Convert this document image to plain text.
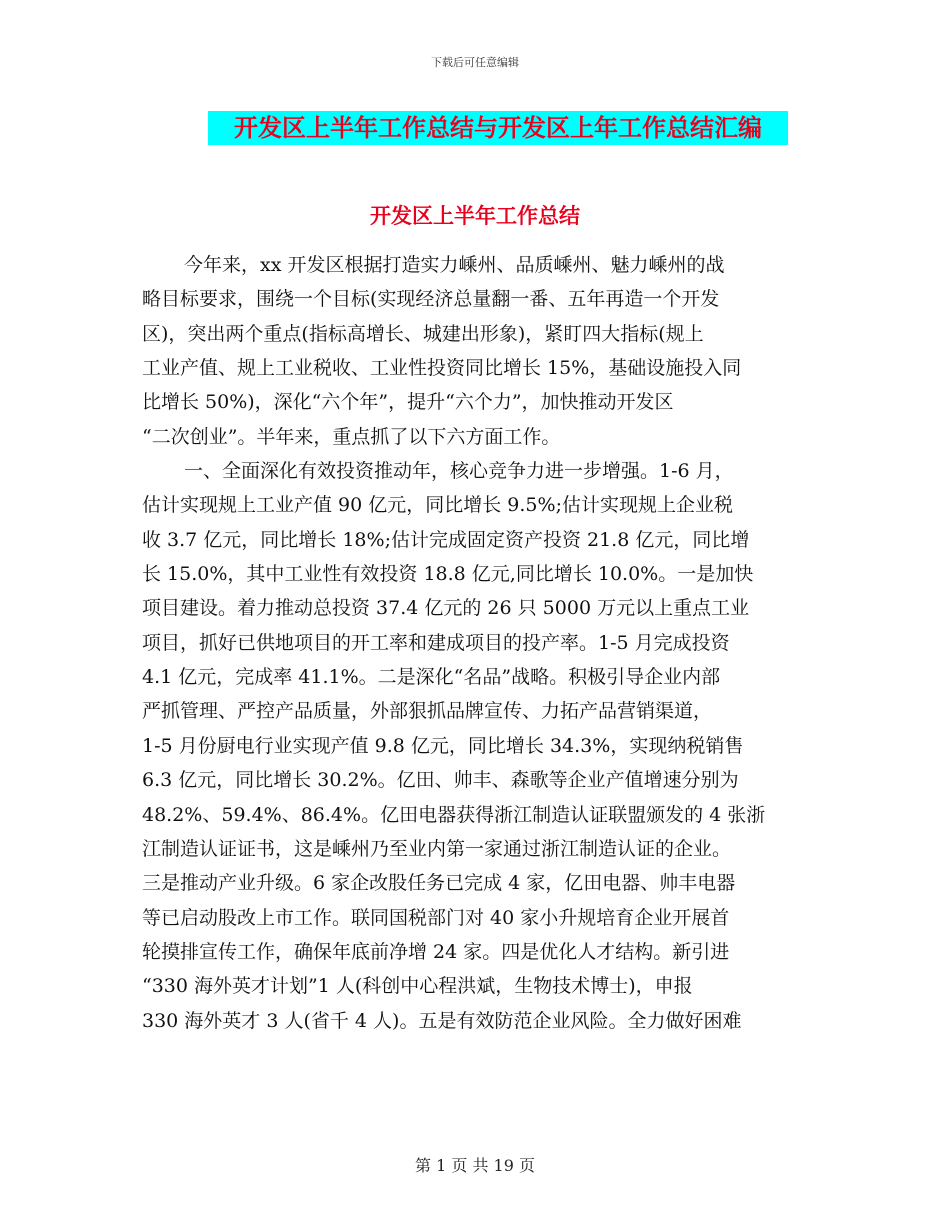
下载后可任意编辑
开发区上半年工作总结与开发区上年工作总结汇编
开发区上半年工作总结
今年来，xx 开发区根据打造实力嵊州、品质嵊州、魅力嵊州的战
略目标要求，围绕一个目标(实现经济总量翻一番、五年再造一个开发
区)，突出两个重点(指标高增长、城建出形象)，紧盯四大指标(规上
工业产值、规上工业税收、工业性投资同比增长 15%，基础设施投入同
比增长 50%)，深化“六个年”，提升“六个力”，加快推动开发区
“二次创业”。半年来，重点抓了以下六方面工作。
一、全面深化有效投资推动年，核心竞争力进一步增强。1-6 月，
估计实现规上工业产值 90 亿元，同比增长 9.5%;估计实现规上企业税
收 3.7 亿元，同比增长 18%;估计完成固定资产投资 21.8 亿元，同比增
长 15.0%，其中工业性有效投资 18.8 亿元,同比增长 10.0%。一是加快
项目建设。着力推动总投资 37.4 亿元的 26 只 5000 万元以上重点工业
项目，抓好已供地项目的开工率和建成项目的投产率。1-5 月完成投资
4.1 亿元，完成率 41.1%。二是深化“名品”战略。积极引导企业内部
严抓管理、严控产品质量，外部狠抓品牌宣传、力拓产品营销渠道，
1-5 月份厨电行业实现产值 9.8 亿元，同比增长 34.3%，实现纳税销售
6.3 亿元，同比增长 30.2%。亿田、帅丰、森歌等企业产值增速分别为
48.2%、59.4%、86.4%。亿田电器获得浙江制造认证联盟颁发的 4 张浙
江制造认证证书，这是嵊州乃至业内第一家通过浙江制造认证的企业。
三是推动产业升级。6 家企改股任务已完成 4 家，亿田电器、帅丰电器
等已启动股改上市工作。联同国税部门对 40 家小升规培育企业开展首
轮摸排宣传工作，确保年底前净增 24 家。四是优化人才结构。新引进
“330 海外英才计划”1 人(科创中心程洪斌，生物技术博士)，申报
330 海外英才 3 人(省千 4 人)。五是有效防范企业风险。全力做好困难
第 1 页 共 19 页
